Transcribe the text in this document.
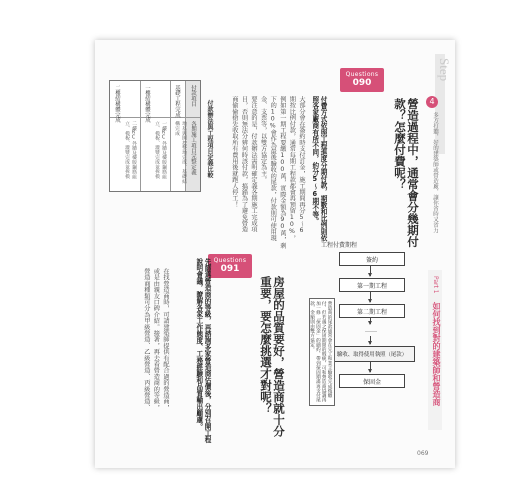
Step
4

多方打聽，好的建築師或營造廠，讓你省時又省力

Part 1

如何找到對的建築師和營造商

Questions
090

營造過程中，通常會分幾期付款？怎麼付費呢？

付費方式依照工程進度分期付款，期數和比例則依照各家廠商有所不同，約分5～6期不等。

大部分會在簽約時支付訂金，施工期間再分5～6

期按比例付款，通常每期工程款都會再預留10%，

例如第一期工程要繳100萬，實際金額為90萬，剩

下的10%會作為最後驗收的尾款，付款則可使用現

金、支票等，以雙方協定為主。

要注意的是，付款辦法需明確定義各期施工完成項

目，否則無法分辨何時該付款，搞錯為了避免營造

商偷偷搶先收取所有費用後就跑人停工！

付款辦法與工程項目定義比較

付款項目

各期施工項目完整定義

基礎工程完成

地基與開挖整地完成、基礎結構完成

一樓結構體完成

一樓RC外牆及樓版鋼筋組立、模板、灌漿完成並拆模

二樓結構體完成

二樓RC外牆及樓版鋼筋組立、模板、灌漿完成並拆模

工程付費期程
簽約
第一期工程
第二期工程
……
驗收、取得使用執照（尾款）
保固金
營造商的尾款通常會在完工和業主驗收完成後繳付，但若遇之保固期間的瑕疵，可和營造商協調再加一條「保固金」的細約，帶到保固期滿再支付尾款，金額則由雙方協定。
Questions
091

房屋的品質要好，營造商就十分重要，要怎麼挑選才對呢？

先篩選營造商的等級，再諮詢多家營造商估價後，分別召開工程說明會議，瞭解各家工作態度、工務經驗和品質輸出顧慮。

在找營造商時，可請建築師提供有配合過的營造商，

或是由親友口碑介紹。接著，再去看營造商的等級，

營造商種類可分為甲級營造、乙級營造、丙級營造、

069
